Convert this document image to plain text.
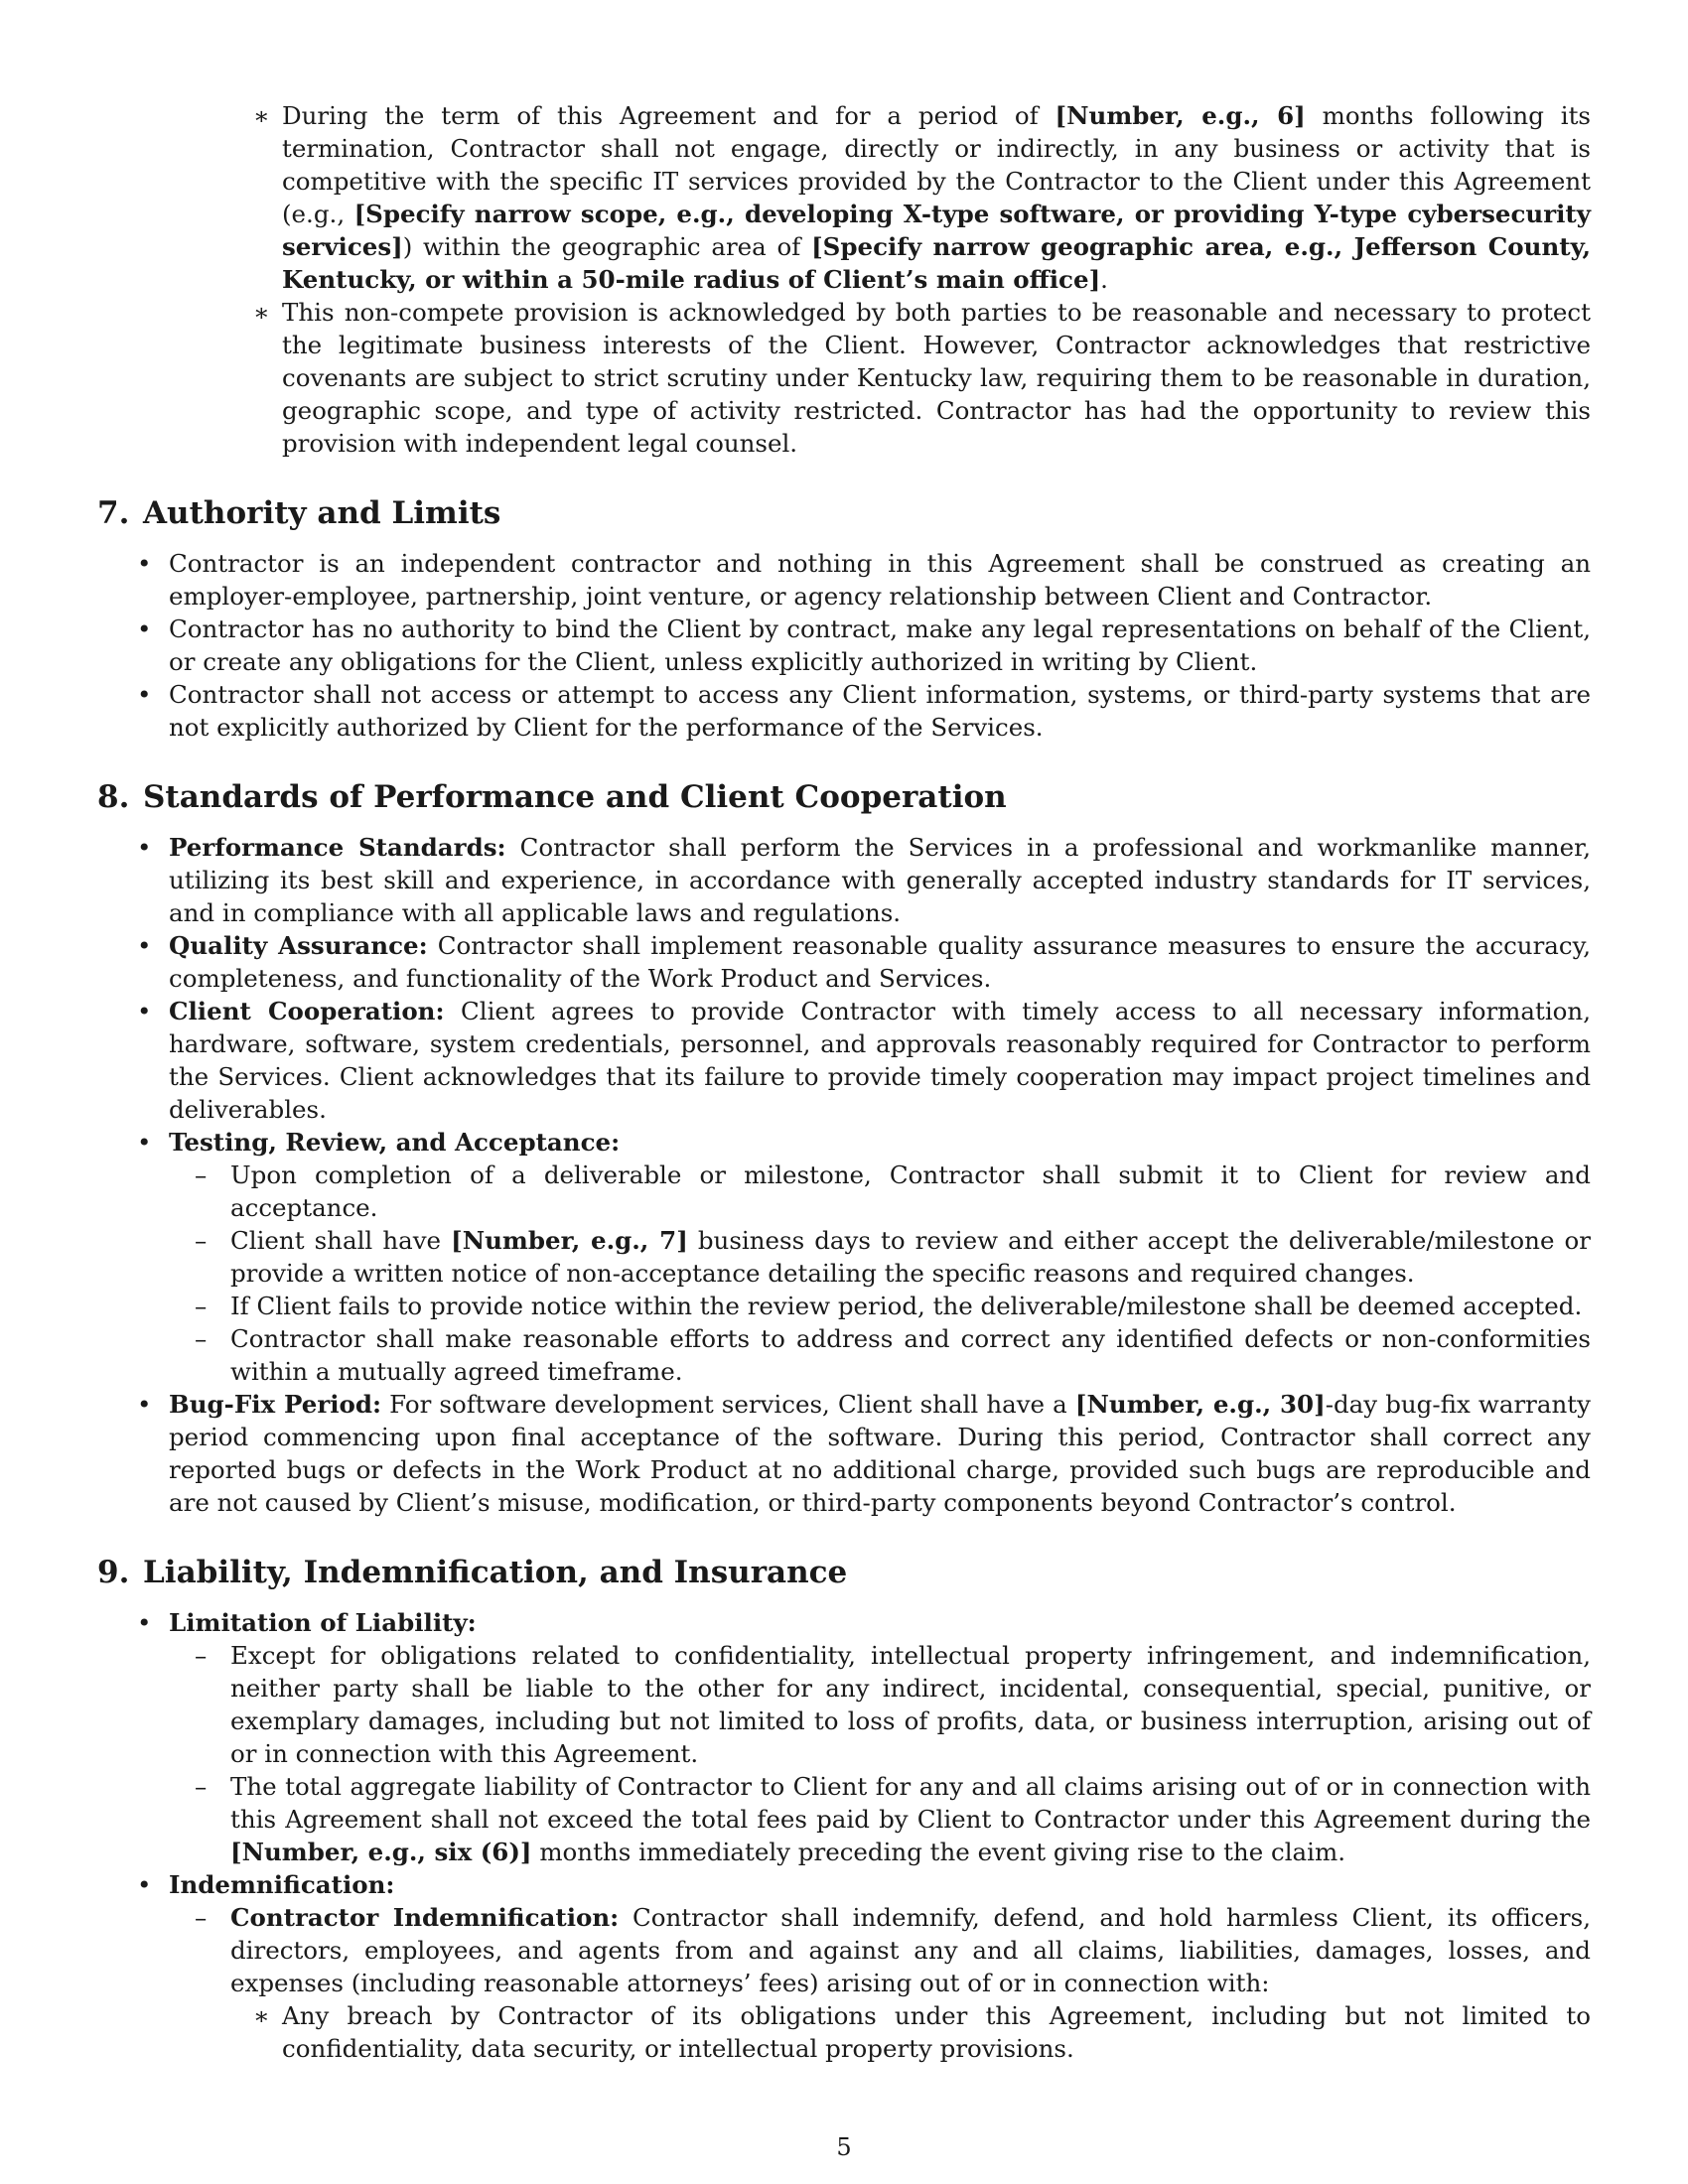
∗ During the term of this Agreement and for a period of [Number, e.g., 6] months following its termination, Contractor shall not engage, directly or indirectly, in any business or activity that is competitive with the specific IT services provided by the Contractor to the Client under this Agreement (e.g., [Specify narrow scope, e.g., developing X-type software, or providing Y-type cybersecurity services]) within the geographic area of [Specify narrow geographic area, e.g., Jefferson County, Kentucky, or within a 50-mile radius of Client’s main office].
∗ This non-compete provision is acknowledged by both parties to be reasonable and necessary to protect the legitimate business interests of the Client. However, Contractor acknowledges that restrictive covenants are subject to strict scrutiny under Kentucky law, requiring them to be reasonable in duration, geographic scope, and type of activity restricted. Contractor has had the opportunity to review this provision with independent legal counsel.
7. Authority and Limits
• Contractor is an independent contractor and nothing in this Agreement shall be construed as creating an employer-employee, partnership, joint venture, or agency relationship between Client and Contractor.
• Contractor has no authority to bind the Client by contract, make any legal representations on behalf of the Client, or create any obligations for the Client, unless explicitly authorized in writing by Client.
• Contractor shall not access or attempt to access any Client information, systems, or third-party systems that are not explicitly authorized by Client for the performance of the Services.
8. Standards of Performance and Client Cooperation
• Performance Standards: Contractor shall perform the Services in a professional and workmanlike manner, utilizing its best skill and experience, in accordance with generally accepted industry standards for IT services, and in compliance with all applicable laws and regulations.
• Quality Assurance: Contractor shall implement reasonable quality assurance measures to ensure the accuracy, completeness, and functionality of the Work Product and Services.
• Client Cooperation: Client agrees to provide Contractor with timely access to all necessary information, hardware, software, system credentials, personnel, and approvals reasonably required for Contractor to perform the Services. Client acknowledges that its failure to provide timely cooperation may impact project timelines and deliverables.
• Testing, Review, and Acceptance:
– Upon completion of a deliverable or milestone, Contractor shall submit it to Client for review and acceptance.
– Client shall have [Number, e.g., 7] business days to review and either accept the deliverable/milestone or provide a written notice of non-acceptance detailing the specific reasons and required changes.
– If Client fails to provide notice within the review period, the deliverable/milestone shall be deemed accepted.
– Contractor shall make reasonable efforts to address and correct any identified defects or non-conformities within a mutually agreed timeframe.
• Bug-Fix Period: For software development services, Client shall have a [Number, e.g., 30]-day bug-fix warranty period commencing upon final acceptance of the software. During this period, Contractor shall correct any reported bugs or defects in the Work Product at no additional charge, provided such bugs are reproducible and are not caused by Client’s misuse, modification, or third-party components beyond Contractor’s control.
9. Liability, Indemnification, and Insurance
• Limitation of Liability:
– Except for obligations related to confidentiality, intellectual property infringement, and indemnification, neither party shall be liable to the other for any indirect, incidental, consequential, special, punitive, or exemplary damages, including but not limited to loss of profits, data, or business interruption, arising out of or in connection with this Agreement.
– The total aggregate liability of Contractor to Client for any and all claims arising out of or in connection with this Agreement shall not exceed the total fees paid by Client to Contractor under this Agreement during the [Number, e.g., six (6)] months immediately preceding the event giving rise to the claim.
• Indemnification:
– Contractor Indemnification: Contractor shall indemnify, defend, and hold harmless Client, its officers, directors, employees, and agents from and against any and all claims, liabilities, damages, losses, and expenses (including reasonable attorneys’ fees) arising out of or in connection with:
∗ Any breach by Contractor of its obligations under this Agreement, including but not limited to confidentiality, data security, or intellectual property provisions.
5
